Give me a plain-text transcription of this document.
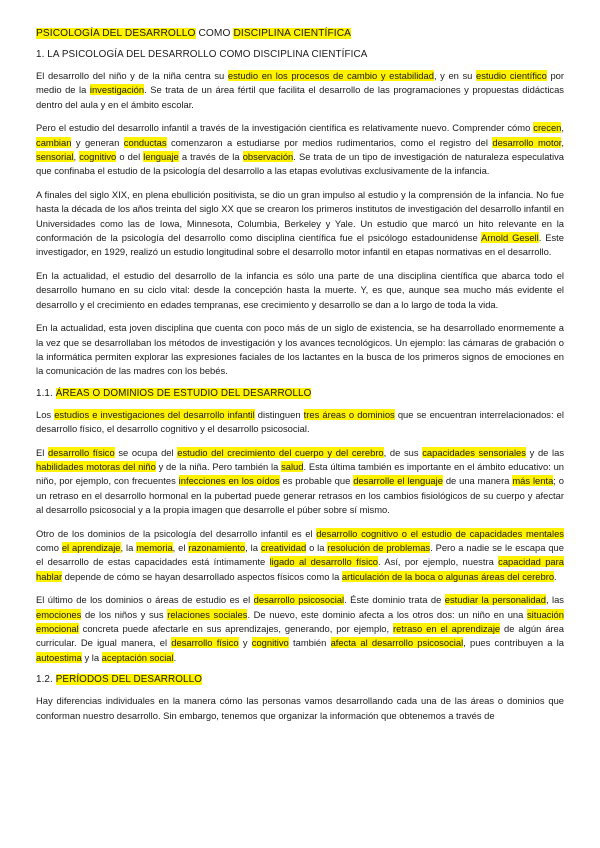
PSICOLOGÍA DEL DESARROLLO COMO DISCIPLINA CIENTÍFICA
1. LA PSICOLOGÍA DEL DESARROLLO COMO DISCIPLINA CIENTÍFICA

El desarrollo del niño y de la niña centra su estudio en los procesos de cambio y estabilidad, y en su estudio científico por medio de la investigación. Se trata de un área fértil que facilita el desarrollo de las programaciones y propuestas didácticas dentro del aula y en el ámbito escolar.

Pero el estudio del desarrollo infantil a través de la investigación científica es relativamente nuevo. Comprender cómo crecen, cambian y generan conductas comenzaron a estudiarse por medios rudimentarios, como el registro del desarrollo motor, sensorial, cognitivo o del lenguaje a través de la observación. Se trata de un tipo de investigación de naturaleza especulativa que confinaba el estudio de la psicología del desarrollo a las etapas evolutivas exclusivamente de la infancia.

A finales del siglo XIX, en plena ebullición positivista, se dio un gran impulso al estudio y la comprensión de la infancia. No fue hasta la década de los años treinta del siglo XX que se crearon los primeros institutos de investigación del desarrollo infantil en Universidades como las de Iowa, Minnesota, Columbia, Berkeley y Yale. Un estudio que marcó un hito relevante en la conformación de la psicología del desarrollo como disciplina científica fue el psicólogo estadounidense Arnold Gesell. Este investigador, en 1929, realizó un estudio longitudinal sobre el desarrollo motor infantil en etapas normativas en el desarrollo.

En la actualidad, el estudio del desarrollo de la infancia es sólo una parte de una disciplina científica que abarca todo el desarrollo humano en su ciclo vital: desde la concepción hasta la muerte. Y, es que, aunque sea mucho más evidente el desarrollo y el crecimiento en edades tempranas, ese crecimiento y desarrollo se dan a lo largo de toda la vida.

En la actualidad, esta joven disciplina que cuenta con poco más de un siglo de existencia, se ha desarrollado enormemente a la vez que se desarrollaban los métodos de investigación y los avances tecnológicos. Un ejemplo: las cámaras de grabación o la informática permiten explorar las expresiones faciales de los lactantes en la busca de los primeros signos de emociones en la comunicación de las madres con los bebés.

1.1. ÁREAS O DOMINIOS DE ESTUDIO DEL DESARROLLO

Los estudios e investigaciones del desarrollo infantil distinguen tres áreas o dominios que se encuentran interrelacionados: el desarrollo físico, el desarrollo cognitivo y el desarrollo psicosocial.

El desarrollo físico se ocupa del estudio del crecimiento del cuerpo y del cerebro, de sus capacidades sensoriales y de las habilidades motoras del niño y de la niña. Pero también la salud. Esta última también es importante en el ámbito educativo: un niño, por ejemplo, con frecuentes infecciones en los oídos es probable que desarrolle el lenguaje de una manera más lenta; o un retraso en el desarrollo hormonal en la pubertad puede generar retrasos en los cambios fisiológicos de su cuerpo y afectar al desarrollo psicosocial y a la propia imagen que desarrolle el púber sobre sí mismo.

Otro de los dominios de la psicología del desarrollo infantil es el desarrollo cognitivo o el estudio de capacidades mentales como el aprendizaje, la memoria, el razonamiento, la creatividad o la resolución de problemas. Pero a nadie se le escapa que el desarrollo de estas capacidades está íntimamente ligado al desarrollo físico. Así, por ejemplo, nuestra capacidad para hablar depende de cómo se hayan desarrollado aspectos físicos como la articulación de la boca o algunas áreas del cerebro.

El último de los dominios o áreas de estudio es el desarrollo psicosocial. Éste dominio trata de estudiar la personalidad, las emociones de los niños y sus relaciones sociales. De nuevo, este dominio afecta a los otros dos: un niño en una situación emocional concreta puede afectarle en sus aprendizajes, generando, por ejemplo, retraso en el aprendizaje de algún área curricular. De igual manera, el desarrollo físico y cognitivo también afecta al desarrollo psicosocial, pues contribuyen a la autoestima y la aceptación social.

1.2. PERÍODOS DEL DESARROLLO

Hay diferencias individuales en la manera cómo las personas vamos desarrollando cada una de las áreas o dominios que conforman nuestro desarrollo. Sin embargo, tenemos que organizar la información que obtenemos a través de
